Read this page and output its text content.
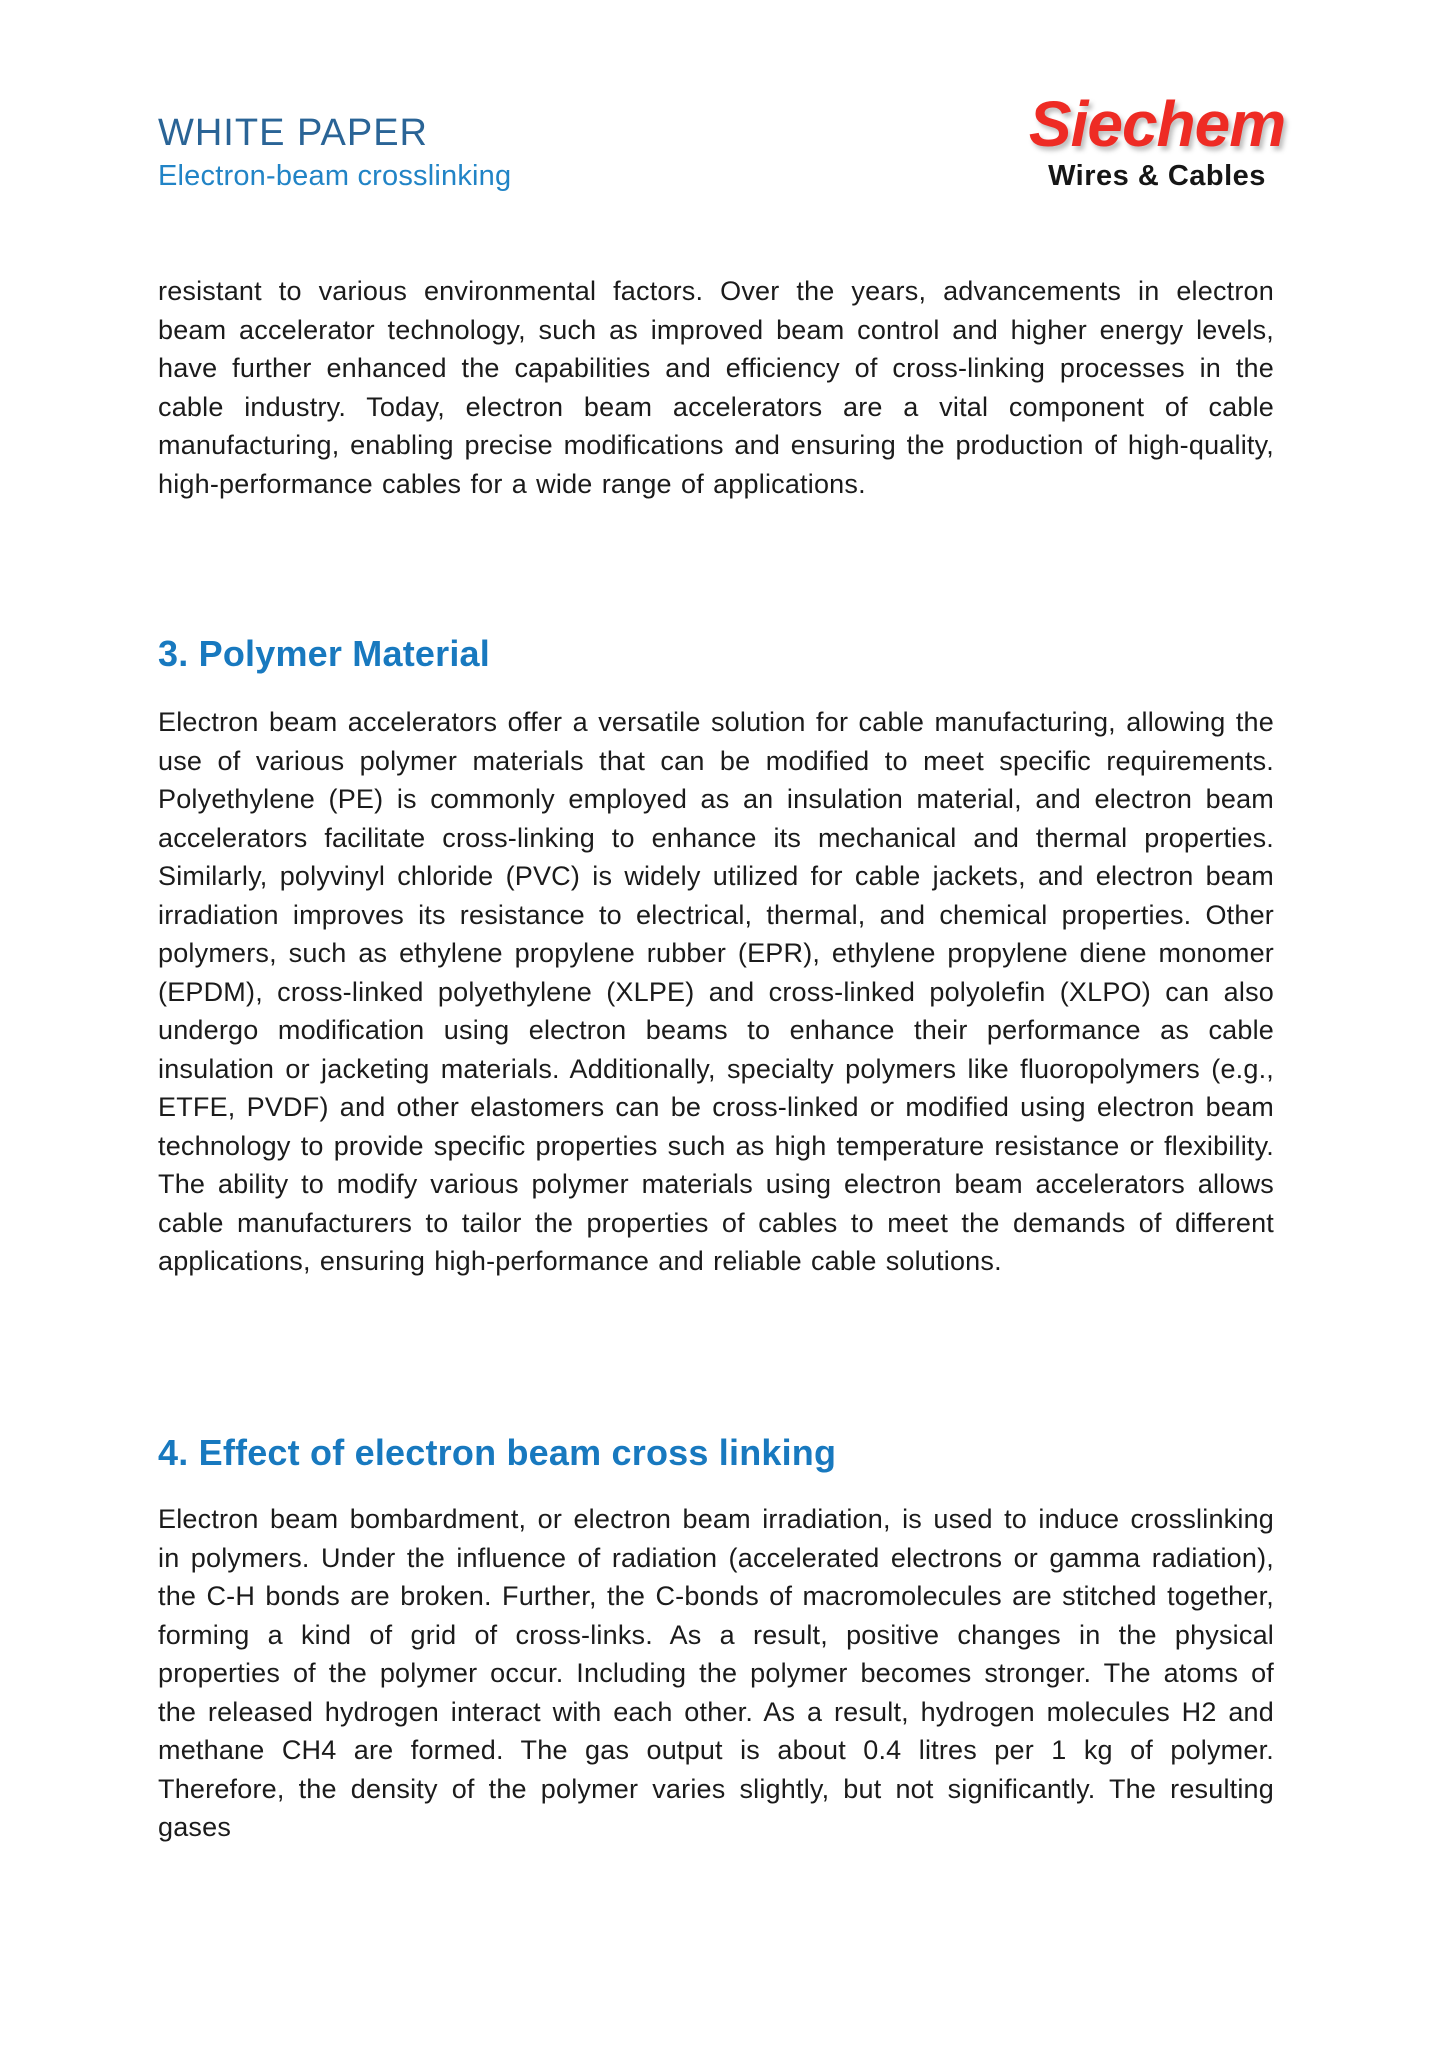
WHITE PAPER
Electron-beam crosslinking
Siechem
Wires & Cables

resistant to various environmental factors. Over the years, advancements in electron beam accelerator technology, such as improved beam control and higher energy levels, have further enhanced the capabilities and efficiency of cross-linking processes in the cable industry. Today, electron beam accelerators are a vital component of cable manufacturing, enabling precise modifications and ensuring the production of high-quality, high-performance cables for a wide range of applications.

3. Polymer Material

Electron beam accelerators offer a versatile solution for cable manufacturing, allowing the use of various polymer materials that can be modified to meet specific requirements. Polyethylene (PE) is commonly employed as an insulation material, and electron beam accelerators facilitate cross-linking to enhance its mechanical and thermal properties. Similarly, polyvinyl chloride (PVC) is widely utilized for cable jackets, and electron beam irradiation improves its resistance to electrical, thermal, and chemical properties. Other polymers, such as ethylene propylene rubber (EPR), ethylene propylene diene monomer (EPDM), cross-linked polyethylene (XLPE) and cross-linked polyolefin (XLPO) can also undergo modification using electron beams to enhance their performance as cable insulation or jacketing materials. Additionally, specialty polymers like fluoropolymers (e.g., ETFE, PVDF) and other elastomers can be cross-linked or modified using electron beam technology to provide specific properties such as high temperature resistance or flexibility. The ability to modify various polymer materials using electron beam accelerators allows cable manufacturers to tailor the properties of cables to meet the demands of different applications, ensuring high-performance and reliable cable solutions.

4. Effect of electron beam cross linking

Electron beam bombardment, or electron beam irradiation, is used to induce crosslinking in polymers. Under the influence of radiation (accelerated electrons or gamma radiation), the C-H bonds are broken. Further, the C-bonds of macromolecules are stitched together, forming a kind of grid of cross-links. As a result, positive changes in the physical properties of the polymer occur. Including the polymer becomes stronger. The atoms of the released hydrogen interact with each other. As a result, hydrogen molecules H2 and methane CH4 are formed. The gas output is about 0.4 litres per 1 kg of polymer. Therefore, the density of the polymer varies slightly, but not significantly. The resulting gases
